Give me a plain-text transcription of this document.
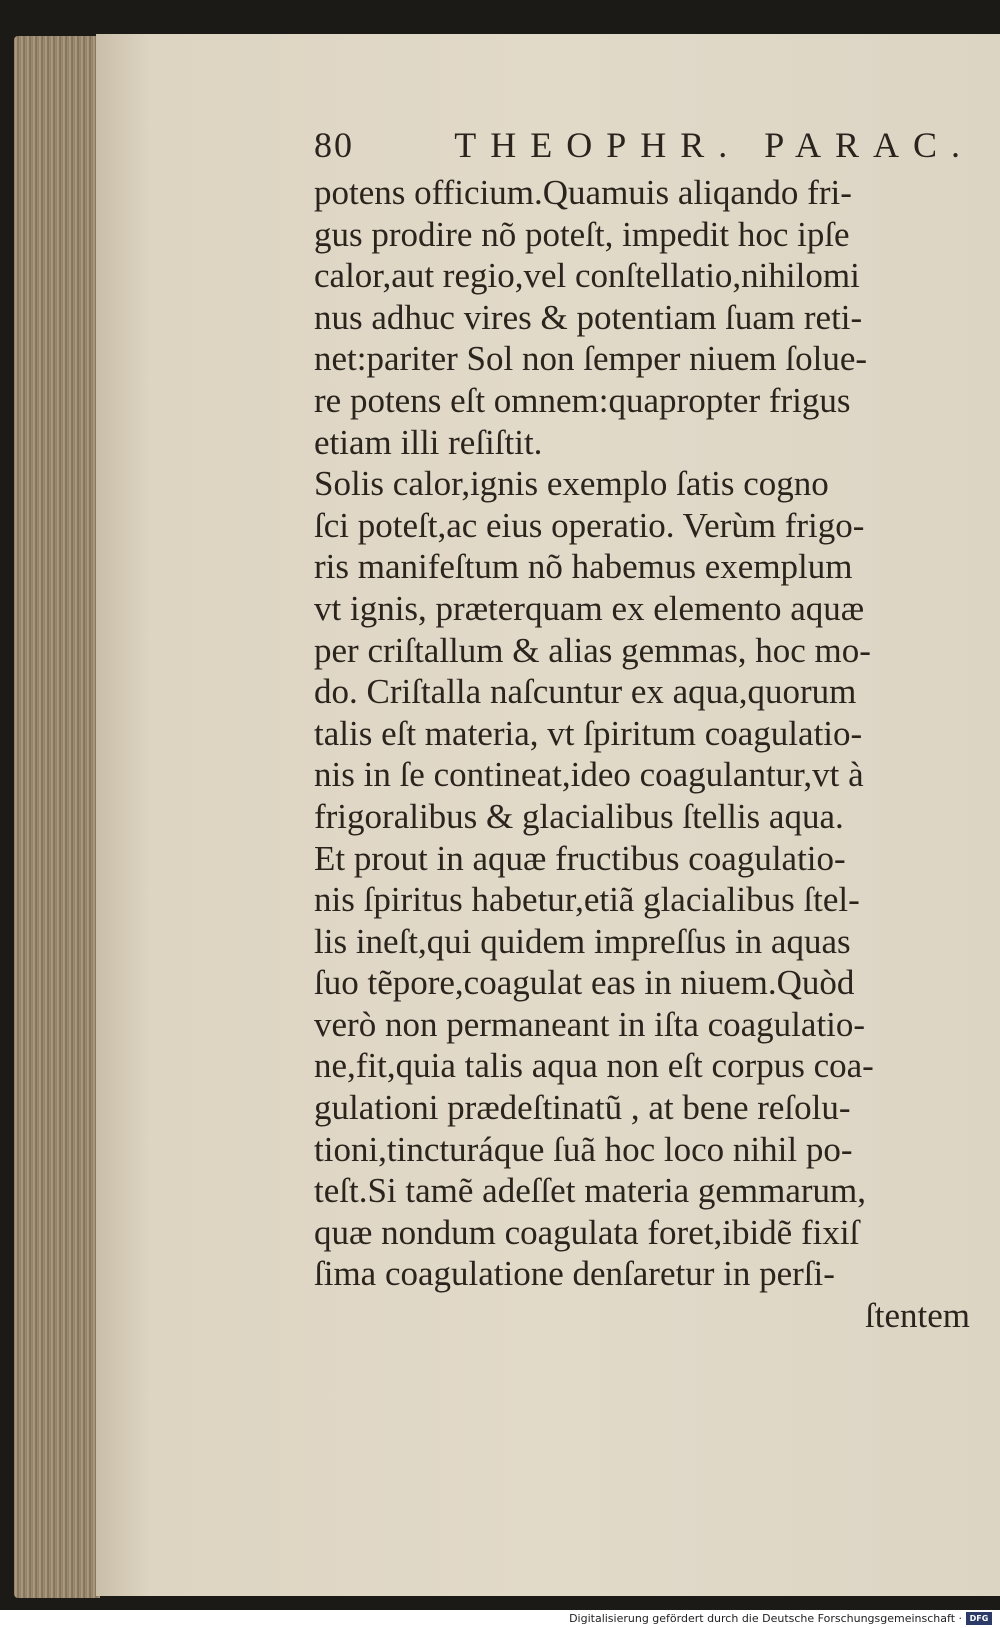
80	THEOPHR. PARAC.
potens officium.Quamuis aliqando fri-
gus prodire nõ poteſt, impedit hoc ipſe
calor,aut regio,vel conſtellatio,nihilomi
nus adhuc vires & potentiam ſuam reti-
net:pariter Sol non ſemper niuem ſolue-
re potens eſt omnem:quapropter frigus
etiam illi reſiſtit.
Solis calor,ignis exemplo ſatis cogno
ſci poteſt,ac eius operatio. Verùm frigo-
ris manifeſtum nõ habemus exemplum
vt ignis, præterquam ex elemento aquæ
per criſtallum & alias gemmas, hoc mo-
do. Criſtalla naſcuntur ex aqua,quorum
talis eſt materia, vt ſpiritum coagulatio-
nis in ſe contineat,ideo coagulantur,vt à
frigoralibus & glacialibus ſtellis aqua.
Et prout in aquæ fructibus coagulatio-
nis ſpiritus habetur,etiã glacialibus ſtel-
lis ineſt,qui quidem impreſſus in aquas
ſuo tẽpore,coagulat eas in niuem.Quòd
verò non permaneant in iſta coagulatio-
ne,fit,quia talis aqua non eſt corpus coa-
gulationi prædeſtinatũ , at bene reſolu-
tioni,tincturáque ſuã hoc loco nihil po-
teſt.Si tamẽ adeſſet materia gemmarum,
quæ nondum coagulata foret,ibidẽ fixiſ
ſima coagulatione denſaretur in perſi-
ſtentem
Digitalisierung gefördert durch die Deutsche Forschungsgemeinschaft · DFG
